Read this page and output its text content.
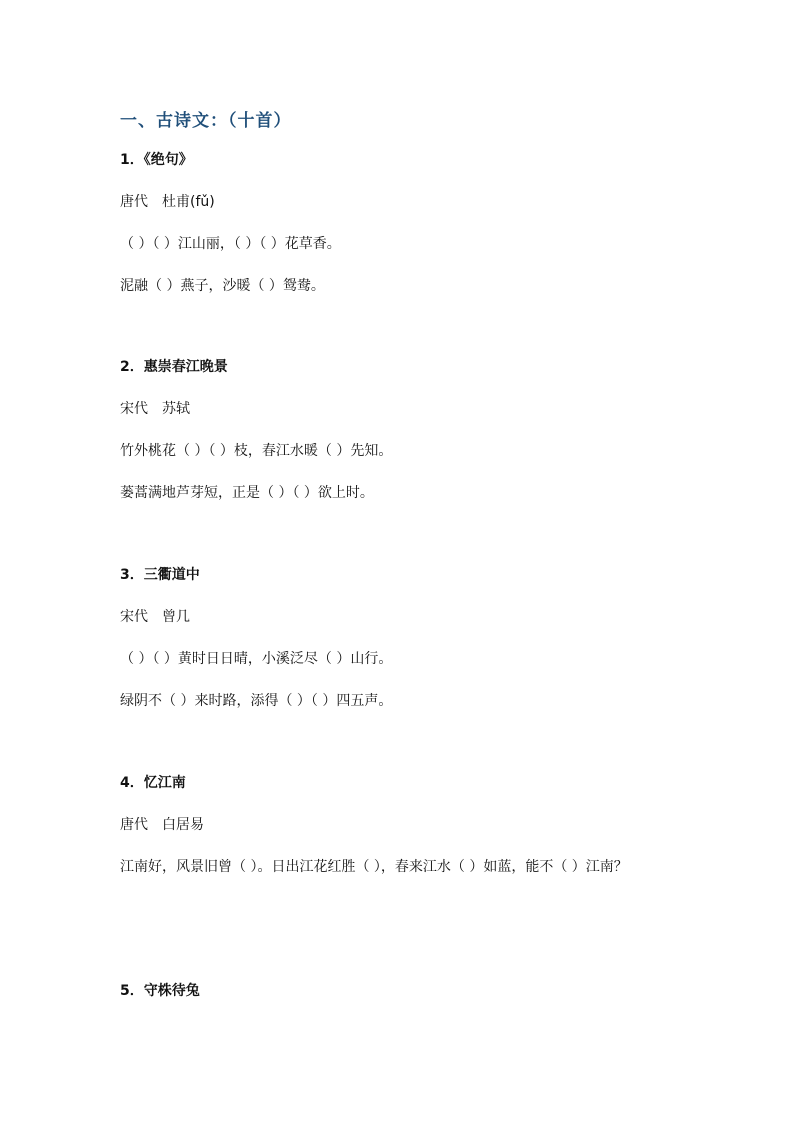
一、古诗文：（十首）
1．《绝句》
唐代　杜甫(fǔ)
（ ）（ ）江山丽，（ ）（ ）花草香。
泥融（ ）燕子，沙暖（ ）鸳鸯。
2．惠崇春江晚景
宋代　苏轼
竹外桃花（ ）（ ）枝，春江水暖（ ）先知。
蒌蒿满地芦芽短，正是（ ）（ ）欲上时。
3．三衢道中
宋代　曾几
（ ）（ ）黄时日日晴，小溪泛尽（ ）山行。
绿阴不（ ）来时路，添得（ ）（ ）四五声。
4．忆江南
唐代　白居易
江南好，风景旧曾（ ）。日出江花红胜（ ），春来江水（ ）如蓝，能不（ ）江南？
5．守株待兔
